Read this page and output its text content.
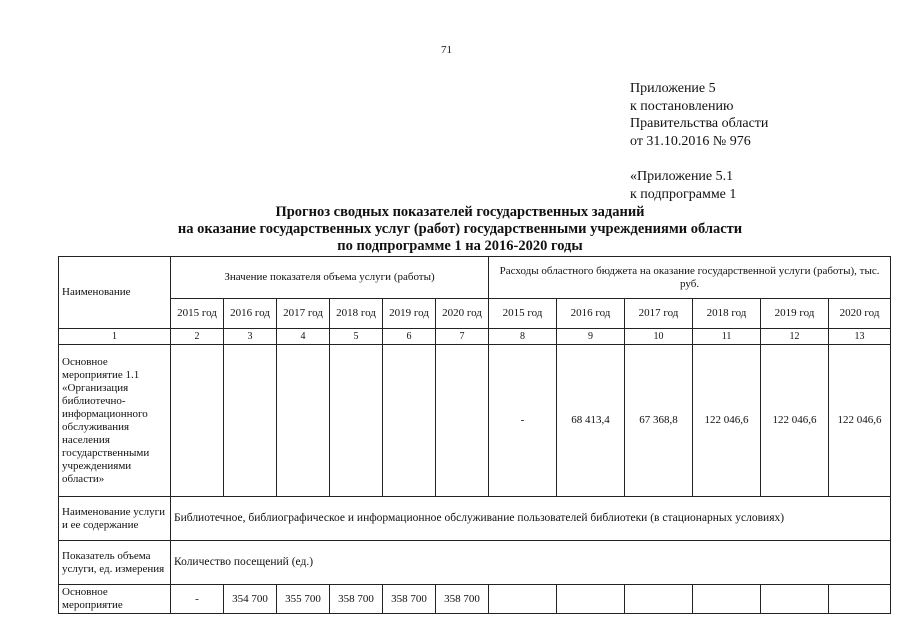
71
Приложение 5
к постановлению
Правительства области
от 31.10.2016 № 976
«Приложение 5.1
к подпрограмме 1
Прогноз сводных показателей государственных заданий
на оказание государственных услуг (работ) государственными учреждениями области
по подпрограмме 1 на 2016-2020 годы
Наименование	Значение показателя объема услуги (работы)						Расходы областного бюджета на оказание государственной услуги (работы), тыс. руб.					
	2015 год	2016 год	2017 год	2018 год	2019 год	2020 год	2015 год	2016 год	2017 год	2018 год	2019 год	2020 год
1	2	3	4	5	6	7	8	9	10	11	12	13
Основное мероприятие 1.1 «Организация библиотечно-информационного обслуживания населения государственными учреждениями области»							-	68 413,4	67 368,8	122 046,6	122 046,6	122 046,6
Наименование услуги и ее содержание	Библиотечное, библиографическое и информационное обслуживание пользователей библиотеки (в стационарных условиях)											
Показатель объема услуги, ед. измерения	Количество посещений (ед.)											
Основное мероприятие	-	354 700	355 700	358 700	358 700	358 700						
